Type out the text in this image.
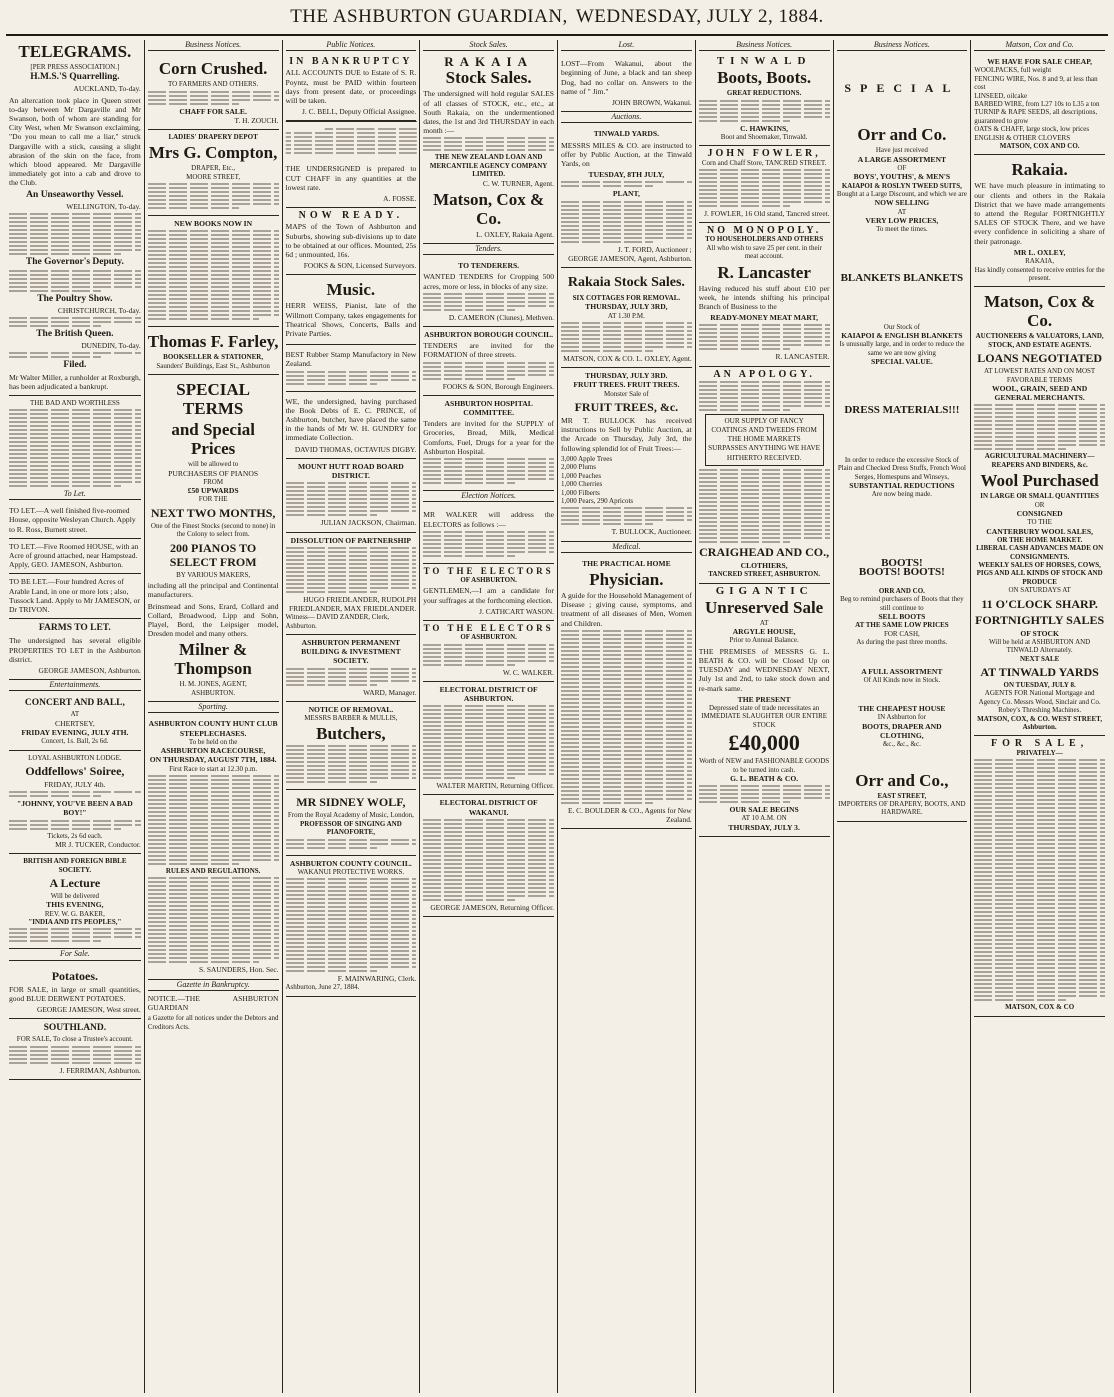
THE ASHBURTON GUARDIAN, WEDNESDAY, JULY 2, 1884.
TELEGRAMS.
[PER PRESS ASSOCIATION.]
H.M.S.'S Quarrelling.
AUCKLAND, To-day.
An altercation took place in Queen street to-day between Mr Dargaville and Mr Swanson, both of whom are standing for City West, when Mr Swanson exclaiming, "Do you mean to call me a liar," struck Dargaville with a stick, causing a slight abrasion of the skin on the face, from which blood appeared. Mr Dargaville immediately got into a cab and drove to the Club.
An Unseaworthy Vessel.
WELLINGTON, To-day.
The Governor's Deputy.
The Poultry Show.
CHRISTCHURCH, To-day.
The British Queen.
DUNEDIN, To-day.
Filed.
Mr Walter Miller, a runholder at Roxburgh, has been adjudicated a bankrupt.
THE BAD AND WORTHLESS
To Let.
TO LET.—A well finished five-roomed House, opposite Wesleyan Church. Apply to R. Ross, Burnett street.
TO LET.—Five Roomed HOUSE, with an Acre of ground attached, near Hampstead. Apply, GEO. JAMESON, Ashburton.
TO BE LET.—Four hundred Acres of Arable Land, in one or more lots ; also, Tussock Land. Apply to Mr JAMESON, or Dr TRIVON.
FARMS TO LET.
The undersigned has several eligible PROPERTIES TO LET in the Ashburton district.
GEORGE JAMESON, Ashburton.
Entertainments.
CONCERT AND BALL,
AT
CHERTSEY,
FRIDAY EVENING, JULY 4TH.
Concert, 1s. Ball, 2s 6d.
LOYAL ASHBURTON LODGE.
Oddfellows' Soiree,
FRIDAY, JULY 4th.
"JOHNNY, YOU'VE BEEN A BAD BOY!"
Tickets, 2s 6d each.
MR J. TUCKER, Conductor.
BRITISH AND FOREIGN BIBLE SOCIETY.
A Lecture
Will be delivered
THIS EVENING,
REV. W. G. BAKER,
"INDIA AND ITS PEOPLES,"
For Sale.
Potatoes.
FOR SALE, in large or small quantities, good BLUE DERWENT POTATOES.
GEORGE JAMESON, West street.
SOUTHLAND.
FOR SALE, To close a Trustee's account.
J. FERRIMAN, Ashburton.
Business Notices.
Corn Crushed.
TO FARMERS AND OTHERS.
CHAFF FOR SALE.
T. H. ZOUCH.
LADIES' DRAPERY DEPOT
Mrs G. Compton,
DRAPER, Etc.,
MOORE STREET,
NEW BOOKS NOW IN
Thomas F. Farley,
BOOKSELLER & STATIONER,
Saunders' Buildings, East St., Ashburton
SPECIAL TERMS
and Special Prices
will be allowed to
PURCHASERS OF PIANOS
FROM
£50 UPWARDS
FOR THE
NEXT TWO MONTHS,
One of the Finest Stocks (second to none) in the Colony to select from.
200 PIANOS TO SELECT FROM
BY VARIOUS MAKERS,
including all the principal and Continental manufacturers.
Brinsmead and Sons, Erard, Collard and Collard, Broadwood, Lipp and Sohn, Playel, Bord, the Leipsiger model, Dresden model and many others.
Milner & Thompson
H. M. JONES, AGENT,
ASHBURTON.
Sporting.
ASHBURTON COUNTY HUNT CLUB STEEPLECHASES.
To be held on the
ASHBURTON RACECOURSE,
ON THURSDAY, AUGUST 7TH, 1884.
First Race to start at 12.30 p.m.
RULES AND REGULATIONS.
S. SAUNDERS, Hon. Sec.
Gazette in Bankruptcy.
NOTICE.—THE ASHBURTON GUARDIAN
a Gazette for all notices under the Debtors and Creditors Acts.
Public Notices.
IN BANKRUPTCY
ALL ACCOUNTS DUE to Estate of S. R. Poyntz, must be PAID within fourteen days from present date, or proceedings will be taken.
J. C. BELL, Deputy Official Assignee.
THE UNDERSIGNED is prepared to CUT CHAFF in any quantities at the lowest rate.
A. FOSSE.
NOW READY.
MAPS of the Town of Ashburton and Suburbs, showing sub-divisions up to date to be obtained at our offices. Mounted, 25s 6d ; unmounted, 16s.
FOOKS & SON, Licensed Surveyors.
Music.
HERR WEISS, Pianist, late of the Willmott Company, takes engagements for Theatrical Shows, Concerts, Balls and Private Parties.
BEST Rubber Stamp Manufactory in New Zealand.
WE, the undersigned, having purchased the Book Debts of E. C. PRINCE, of Ashburton, butcher, have placed the same in the hands of Mr W. H. GUNDRY for immediate Collection.
DAVID THOMAS, OCTAVIUS DIGBY.
MOUNT HUTT ROAD BOARD DISTRICT.
JULIAN JACKSON, Chairman.
DISSOLUTION OF PARTNERSHIP
HUGO FRIEDLANDER, RUDOLPH FRIEDLANDER, MAX FRIEDLANDER.
Witness— DAVID ZANDER, Clerk, Ashburton.
ASHBURTON PERMANENT BUILDING & INVESTMENT SOCIETY.
WARD, Manager.
NOTICE OF REMOVAL.
MESSRS BARBER & MULLIS,
Butchers,
MR SIDNEY WOLF,
From the Royal Academy of Music, London,
PROFESSOR OF SINGING AND PIANOFORTE,
ASHBURTON COUNTY COUNCIL.
WAKANUI PROTECTIVE WORKS.
F. MAINWARING, Clerk.
Ashburton, June 27, 1884.
Stock Sales.
RAKAIA
Stock Sales.
The undersigned will hold regular SALES of all classes of STOCK, etc., etc., at South Rakaia, on the undermentioned dates, the 1st and 3rd THURSDAY in each month :—
THE NEW ZEALAND LOAN AND MERCANTILE AGENCY COMPANY LIMITED.
C. W. TURNER, Agent.
Matson, Cox & Co.
L. OXLEY, Rakaia Agent.
Tenders.
TO TENDERERS.
WANTED TENDERS for Cropping 500 acres, more or less, in blocks of any size.
D. CAMERON (Clunes), Methven.
ASHBURTON BOROUGH COUNCIL.
TENDERS are invited for the FORMATION of three streets.
FOOKS & SON, Borough Engineers.
ASHBURTON HOSPITAL COMMITTEE.
Tenders are invited for the SUPPLY of Groceries, Bread, Milk, Medical Comforts, Fuel, Drugs for a year for the Ashburton Hospital.
Election Notices.
MR WALKER will address the ELECTORS as follows :—
TO THE ELECTORS
OF ASHBURTON.
GENTLEMEN,—I am a candidate for your suffrages at the forthcoming election.
J. CATHCART WASON.
TO THE ELECTORS
OF ASHBURTON.
W. C. WALKER.
ELECTORAL DISTRICT OF ASHBURTON.
WALTER MARTIN, Returning Officer.
ELECTORAL DISTRICT OF WAKANUI.
GEORGE JAMESON, Returning Officer.
Lost.
LOST—From Wakanui, about the beginning of June, a black and tan sheep Dog, had no collar on. Answers to the name of " Jim."
JOHN BROWN, Wakanui.
Auctions.
TINWALD YARDS.
MESSRS MILES & CO. are instructed to offer by Public Auction, at the Tinwald Yards, on
TUESDAY, 8TH JULY,
PLANT,
J. T. FORD, Auctioneer ;
GEORGE JAMESON, Agent, Ashburton.
Rakaia Stock Sales.
SIX COTTAGES FOR REMOVAL.
THURSDAY, JULY 3RD,
AT 1.30 P.M.
MATSON, COX & CO. L. OXLEY, Agent.
THURSDAY, JULY 3RD.
FRUIT TREES. FRUIT TREES.
Monster Sale of
FRUIT TREES, &c.
MR T. BULLOCK has received instructions to Sell by Public Auction, at the Arcade on Thursday, July 3rd, the following splendid lot of Fruit Trees:—
3,000 Apple Trees
2,000 Plums
1,000 Peaches
1,000 Cherries
1,000 Filberts
1,000 Pears, 290 Apricots
T. BULLOCK, Auctioneer.
Medical.
THE PRACTICAL HOME
Physician.
A guide for the Household Management of Disease ; giving cause, symptoms, and treatment of all diseases of Men, Women and Children.
E. C. BOULDER & CO., Agents for New Zealand.
Business Notices.
TINWALD
Boots, Boots.
GREAT REDUCTIONS.
C. HAWKINS,
Boot and Shoemaker, Tinwald.
JOHN FOWLER,
Corn and Chaff Store, TANCRED STREET.
J. FOWLER, 16 Old stand, Tancred street.
NO MONOPOLY.
TO HOUSEHOLDERS AND OTHERS
All who wish to save 25 per cent. in their meat account.
R. Lancaster
Having reduced his stuff about £10 per week, he intends shifting his principal Branch of Business to the
READY-MONEY MEAT MART,
R. LANCASTER.
AN APOLOGY.
OUR SUPPLY OF FANCY COATINGS AND TWEEDS FROM THE HOME MARKETS SURPASSES ANYTHING WE HAVE HITHERTO RECEIVED.
CRAIGHEAD AND CO.,
CLOTHIERS,
TANCRED STREET, ASHBURTON.
GIGANTIC
Unreserved Sale
AT
ARGYLE HOUSE,
Prior to Annual Balance.
THE PREMISES of MESSRS G. L. BEATH & CO. will be Closed Up on TUESDAY and WEDNESDAY NEXT, July 1st and 2nd, to take stock down and re-mark same.
THE PRESENT
Depressed state of trade necessitates an IMMEDIATE SLAUGHTER OUR ENTIRE STOCK
£40,000
Worth of NEW and FASHIONABLE GOODS to be turned into cash.
G. L. BEATH & CO.
OUR SALE BEGINS
AT 10 A.M. ON
THURSDAY, JULY 3.
Business Notices.
SPECIAL
Orr and Co.
Have just received
A LARGE ASSORTMENT
OF
BOYS', YOUTHS', & MEN'S
KAIAPOI & ROSLYN TWEED SUITS,
Bought at a Large Discount, and which we are
NOW SELLING
AT
VERY LOW PRICES,
To meet the times.
BLANKETS BLANKETS
Our Stock of
KAIAPOI & ENGLISH BLANKETS
Is unusually large, and in order to reduce the same we are now giving
SPECIAL VALUE.
DRESS MATERIALS!!!
In order to reduce the excessive Stock of
Plain and Checked Dress Stuffs, French Wool Serges, Homespuns and Winseys,
SUBSTANTIAL REDUCTIONS
Are now being made.
BOOTS!
BOOTS! BOOTS!
ORR AND CO.
Beg to remind purchasers of Boots that they still continue to
SELL BOOTS
AT THE SAME LOW PRICES
FOR CASH,
As during the past three months.
A FULL ASSORTMENT
Of All Kinds now in Stock.
THE CHEAPEST HOUSE
IN Ashburton for
BOOTS, DRAPER AND
CLOTHING,
&c., &c., &c.
Orr and Co.,
EAST STREET,
IMPORTERS OF DRAPERY, BOOTS, AND HARDWARE.
Matson, Cox and Co.
WE HAVE FOR SALE CHEAP,
WOOLPACKS, full weight
FENCING WIRE, Nos. 8 and 9, at less than cost
LINSEED, oilcake
BARBED WIRE, from L27 10s to L35 a ton
TURNIP & RAPE SEEDS, all descriptions, guaranteed to grow
OATS & CHAFF, large stock, low prices
ENGLISH & OTHER CLOVERS
MATSON, COX AND CO.
Rakaia.
WE have much pleasure in intimating to our clients and others in the Rakaia District that we have made arrangements to attend the Regular FORTNIGHTLY SALES OF STOCK There, and we have every confidence in soliciting a share of their patronage.
MR L. OXLEY,
RAKAIA,
Has kindly consented to receive entries for the present.
Matson, Cox & Co.
AUCTIONEERS & VALUATORS, LAND, STOCK, AND ESTATE AGENTS.
LOANS NEGOTIATED
AT LOWEST RATES AND ON MOST FAVORABLE TERMS
WOOL, GRAIN, SEED AND GENERAL MERCHANTS.
AGRICULTURAL MACHINERY—REAPERS AND BINDERS, &c.
Wool Purchased
IN LARGE OR SMALL QUANTITIES
OR
CONSIGNED
TO THE
CANTERBURY WOOL SALES,
OR THE HOME MARKET.
LIBERAL CASH ADVANCES MADE ON CONSIGNMENTS.
WEEKLY SALES OF HORSES, COWS, PIGS AND ALL KINDS OF STOCK AND PRODUCE
ON SATURDAYS AT
11 O'CLOCK SHARP.
FORTNIGHTLY SALES
OF STOCK
Will be held at ASHBURTON AND TINWALD Alternately.
NEXT SALE
AT TINWALD YARDS
ON TUESDAY, JULY 8.
AGENTS FOR National Mortgage and Agency Co. Messrs Wood, Sinclair and Co. Robey's Threshing Machines.
MATSON, COX, & CO. WEST STREET, Ashburton.
FOR SALE,
PRIVATELY—
MATSON, COX & CO
